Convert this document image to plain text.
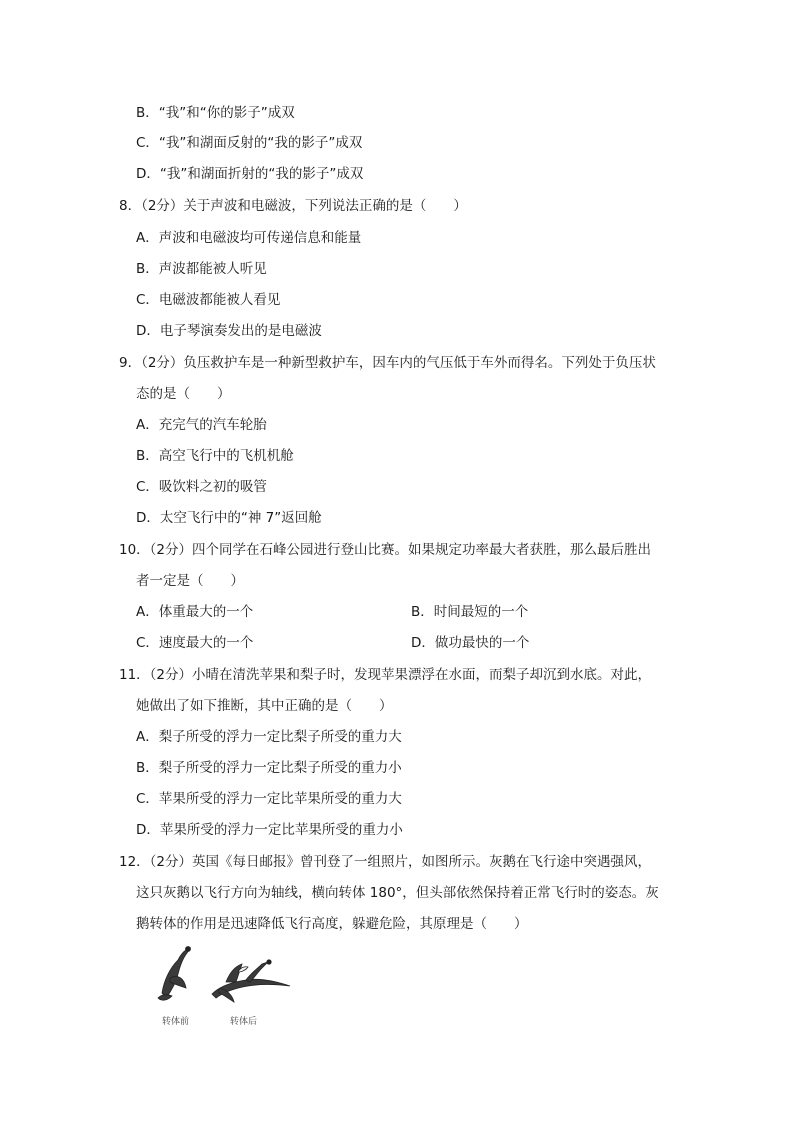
B．“我”和“你的影子”成双
C．“我”和湖面反射的“我的影子”成双
D．“我”和湖面折射的“我的影子”成双
8．（2分）关于声波和电磁波，下列说法正确的是（　　）
A．声波和电磁波均可传递信息和能量
B．声波都能被人听见
C．电磁波都能被人看见
D．电子琴演奏发出的是电磁波
9．（2分）负压救护车是一种新型救护车，因车内的气压低于车外而得名。下列处于负压状
态的是（　　）
A．充完气的汽车轮胎
B．高空飞行中的飞机机舱
C．吸饮料之初的吸管
D．太空飞行中的“神 7”返回舱
10．（2分）四个同学在石峰公园进行登山比赛。如果规定功率最大者获胜，那么最后胜出
者一定是（　　）
A．体重最大的一个	B．时间最短的一个
C．速度最大的一个	D．做功最快的一个
11．（2分）小晴在清洗苹果和梨子时，发现苹果漂浮在水面，而梨子却沉到水底。对此，
她做出了如下推断，其中正确的是（　　）
A．梨子所受的浮力一定比梨子所受的重力大
B．梨子所受的浮力一定比梨子所受的重力小
C．苹果所受的浮力一定比苹果所受的重力大
D．苹果所受的浮力一定比苹果所受的重力小
12．（2分）英国《每日邮报》曾刊登了一组照片，如图所示。灰鹅在飞行途中突遇强风，
这只灰鹅以飞行方向为轴线，横向转体 180°，但头部依然保持着正常飞行时的姿态。灰
鹅转体的作用是迅速降低飞行高度，躲避危险，其原理是（　　）
转体前	转体后
